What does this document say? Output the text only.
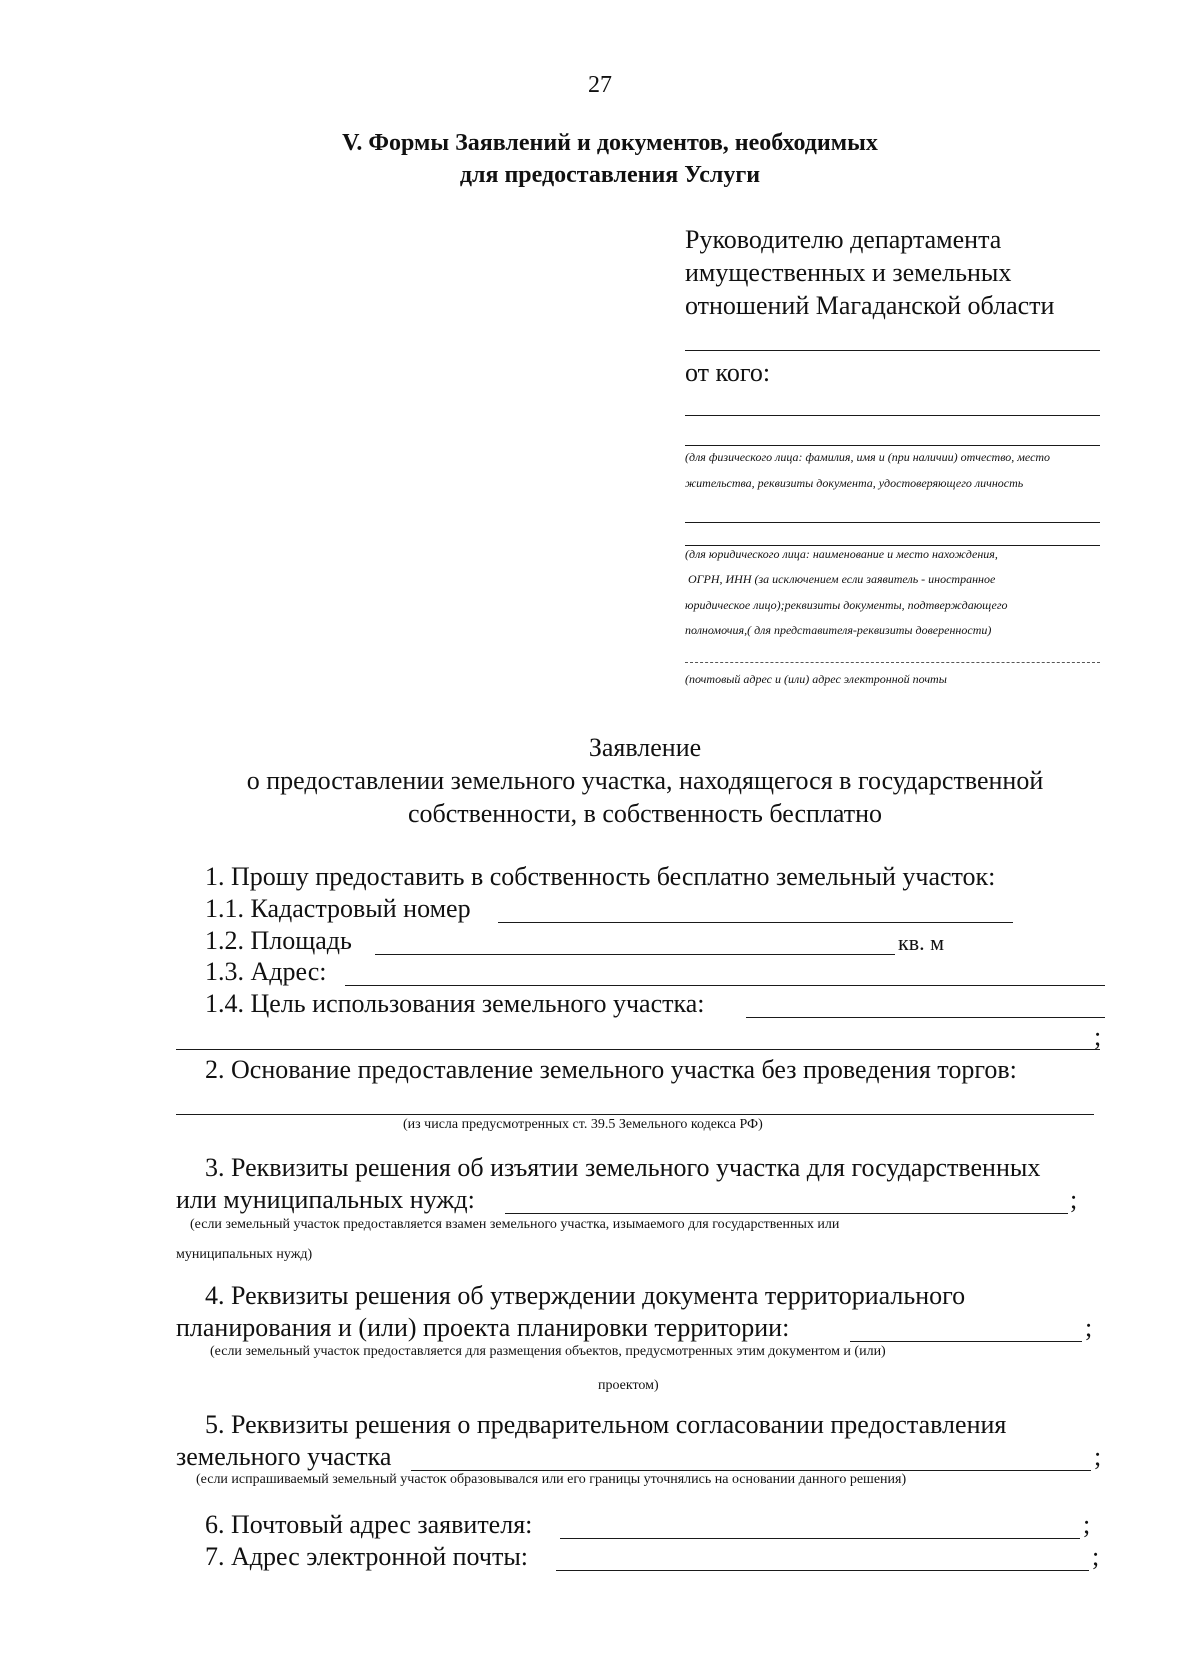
27
V. Формы Заявлений и документов, необходимых
для предоставления Услуги
Руководителю департамента
имущественных и земельных
отношений Магаданской области
от кого:
(для физического лица: фамилия, имя и (при наличии) отчество, место
жительства, реквизиты документа, удостоверяющего личность
(для юридического лица: наименование и место нахождения,
ОГРН, ИНН (за исключением если заявитель - иностранное
юридическое лицо);реквизиты документы, подтверждающего
полномочия,( для представителя-реквизиты доверенности)
(почтовый адрес и (или) адрес электронной почты
Заявление
о предоставлении земельного участка, находящегося в государственной
собственности, в собственность бесплатно
1. Прошу предоставить в собственность бесплатно земельный участок:
1.1. Кадастровый номер
1.2. Площадь	кв. м
1.3. Адрес:
1.4. Цель использования земельного участка:
;
2. Основание предоставление земельного участка без проведения торгов:
(из числа предусмотренных ст. 39.5 Земельного кодекса РФ)
3. Реквизиты решения об изъятии земельного участка для государственных
или муниципальных нужд:	;
(если земельный участок предоставляется взамен земельного участка, изымаемого для государственных или
муниципальных нужд)
4. Реквизиты решения об утверждении документа территориального
планирования и (или) проекта планировки территории:	;
(если земельный участок предоставляется для размещения объектов, предусмотренных этим документом и (или)
проектом)
5. Реквизиты решения о предварительном согласовании предоставления
земельного участка	;
(если испрашиваемый земельный участок образовывался или его границы уточнялись на основании данного решения)
6. Почтовый адрес заявителя:	;
7. Адрес электронной почты:	;
